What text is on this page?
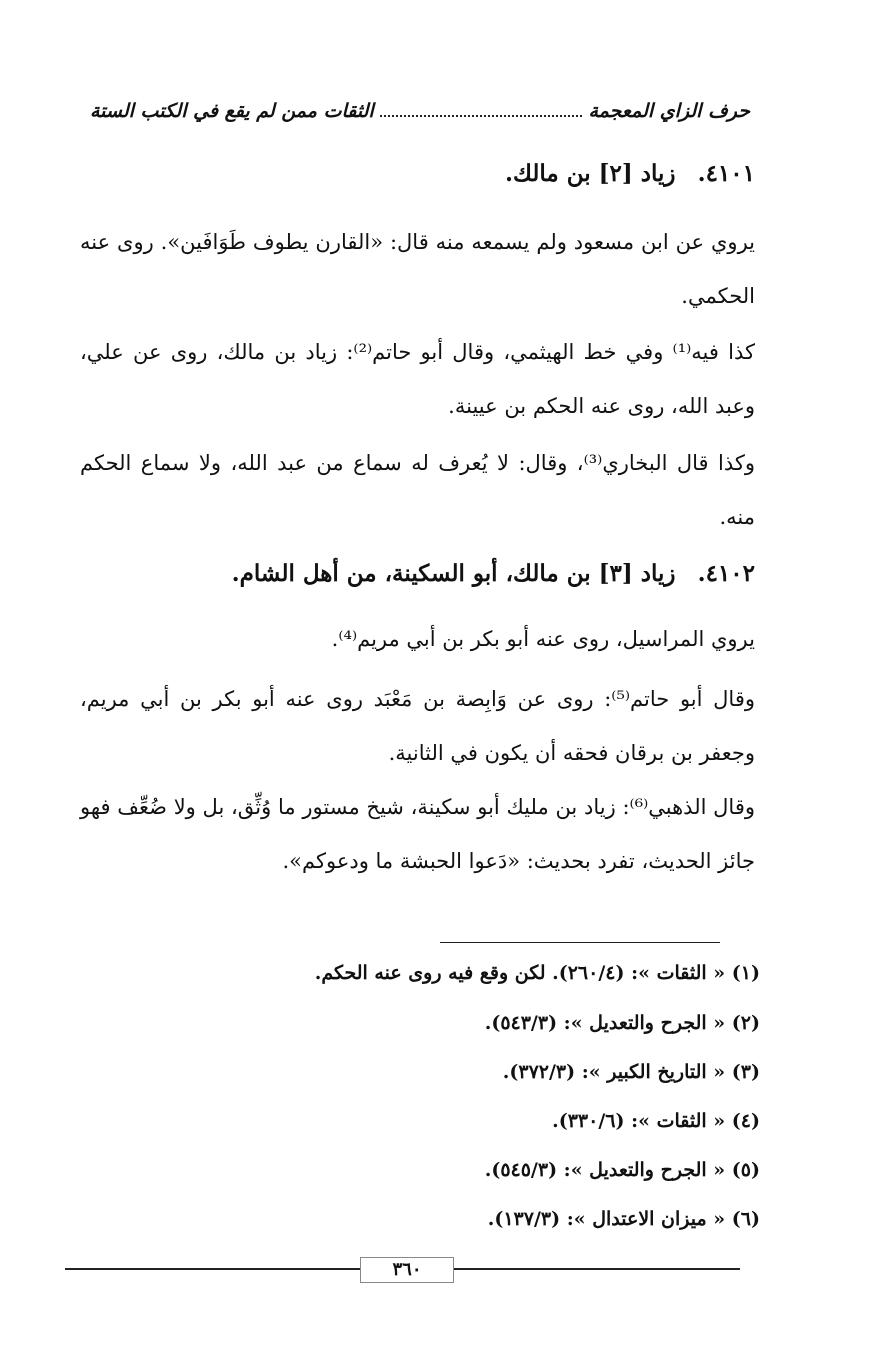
حرف الزاي المعجمة
الثقات ممن لم يقع في الكتب الستة
٤١٠١. زياد [٢] بن مالك.
يروي عن ابن مسعود ولم يسمعه منه قال: «القارن يطوف طَوَافَين». روى عنه الحكمي.
كذا فيه⁽¹⁾ وفي خط الهيثمي، وقال أبو حاتم⁽²⁾: زياد بن مالك، روى عن علي، وعبد الله، روى عنه الحكم بن عيينة.
وكذا قال البخاري⁽³⁾، وقال: لا يُعرف له سماع من عبد الله، ولا سماع الحكم منه.
٤١٠٢. زياد [٣] بن مالك، أبو السكينة، من أهل الشام.
يروي المراسيل، روى عنه أبو بكر بن أبي مريم⁽⁴⁾.
وقال أبو حاتم⁽⁵⁾: روى عن وَابِصة بن مَعْبَد روى عنه أبو بكر بن أبي مريم، وجعفر بن برقان فحقه أن يكون في الثانية.
وقال الذهبي⁽⁶⁾: زياد بن مليك أبو سكينة، شيخ مستور ما وُثِّق، بل ولا ضُعِّف فهو جائز الحديث، تفرد بحديث: «دَعوا الحبشة ما ودعوكم».
(١) « الثقات »: (٢٦٠/٤). لكن وقع فيه روى عنه الحكم.
(٢) « الجرح والتعديل »: (٥٤٣/٣).
(٣) « التاريخ الكبير »: (٣٧٢/٣).
(٤) « الثقات »: (٣٣٠/٦).
(٥) « الجرح والتعديل »: (٥٤٥/٣).
(٦) « ميزان الاعتدال »: (١٣٧/٣).
٣٦٠
